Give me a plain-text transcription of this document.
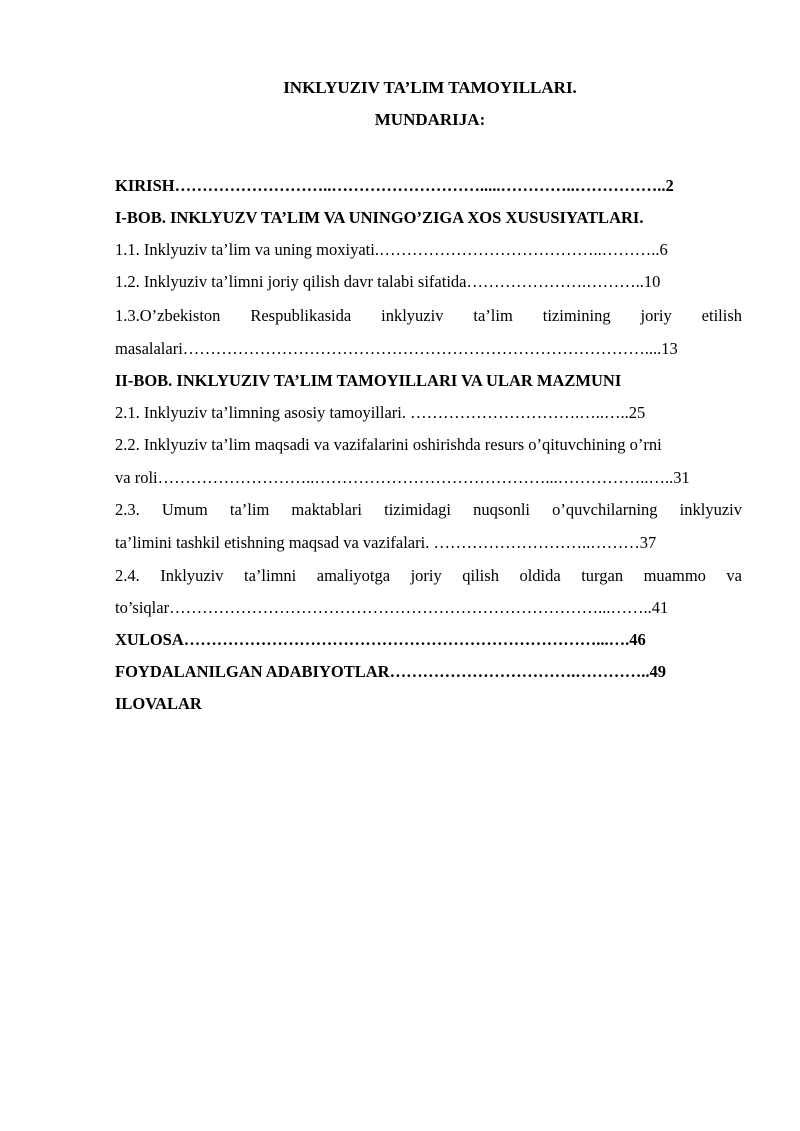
INKLYUZIV TA’LIM TAMOYILLARI.
MUNDARIJA:
KIRISH………………………..……………………….....…………..……………..2
I-BOB. INKLYUZV TA’LIM VA UNINGO’ZIGA XOS XUSUSIYATLARI.
1.1. Inklyuziv ta’lim va uning moxiyati.…………………………………..………..6
1.2. Inklyuziv ta’limni joriy qilish davr talabi sifatida………………….………..10
1.3.O’zbekiston Respublikasida inklyuziv ta’lim tizimining joriy etilish
masalalari…………………………………………………………………………....13
II-BOB. INKLYUZIV TA’LIM TAMOYILLARI VA ULAR MAZMUNI
2.1. Inklyuziv ta’limning asosiy tamoyillari. ………………………….…..…..25
2.2. Inklyuziv ta’lim maqsadi va vazifalarini oshirishda resurs o’qituvchining o’rni
va roli………………………..……………………………………...……………..…..31
2.3. Umum ta’lim maktablari tizimidagi nuqsonli o’quvchilarning inklyuziv
ta’limini tashkil etishning maqsad va vazifalari. ………………………..………37
2.4. Inklyuziv ta’limni amaliyotga joriy qilish oldida turgan muammo va
to’siqlar……………………………………………………………………...……..41
XULOSA…………………………………………………………………...….46
FOYDALANILGAN ADABIYOTLAR…………………………….…………..49
ILOVALAR
